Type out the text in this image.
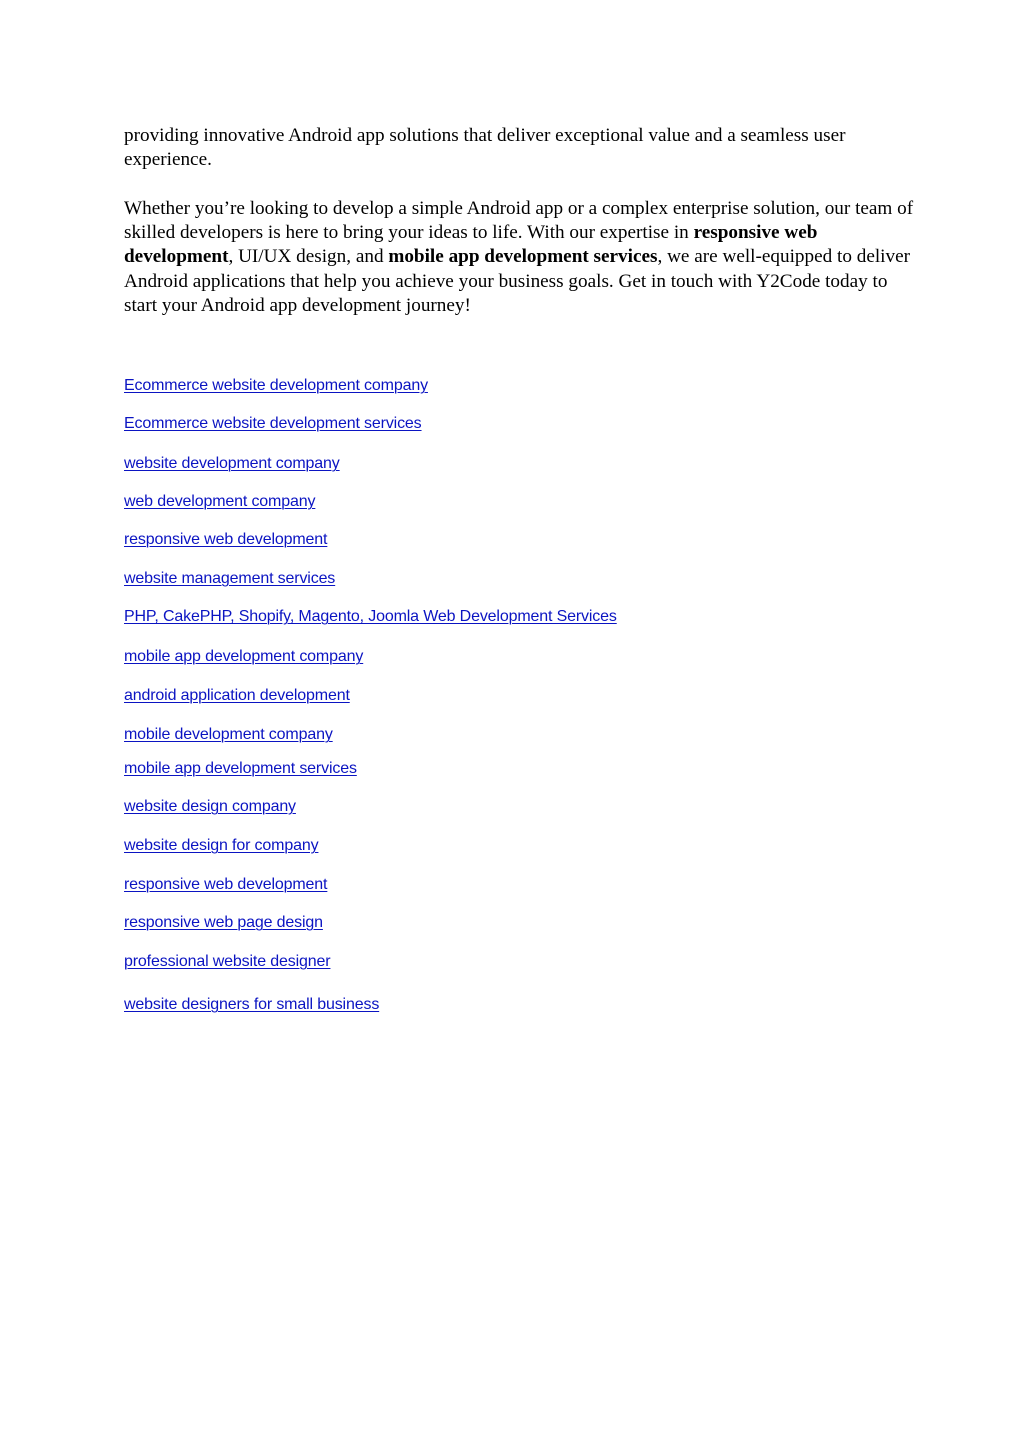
providing innovative Android app solutions that deliver exceptional value and a seamless user experience.

Whether you’re looking to develop a simple Android app or a complex enterprise solution, our team of skilled developers is here to bring your ideas to life. With our expertise in responsive web development, UI/UX design, and mobile app development services, we are well-equipped to deliver Android applications that help you achieve your business goals. Get in touch with Y2Code today to start your Android app development journey!

Ecommerce website development company
Ecommerce website development services
website development company
web development company
responsive web development
website management services
PHP, CakePHP, Shopify, Magento, Joomla Web Development Services
mobile app development company
android application development
mobile development company
mobile app development services
website design company
website design for company
responsive web development
responsive web page design
professional website designer
website designers for small business
